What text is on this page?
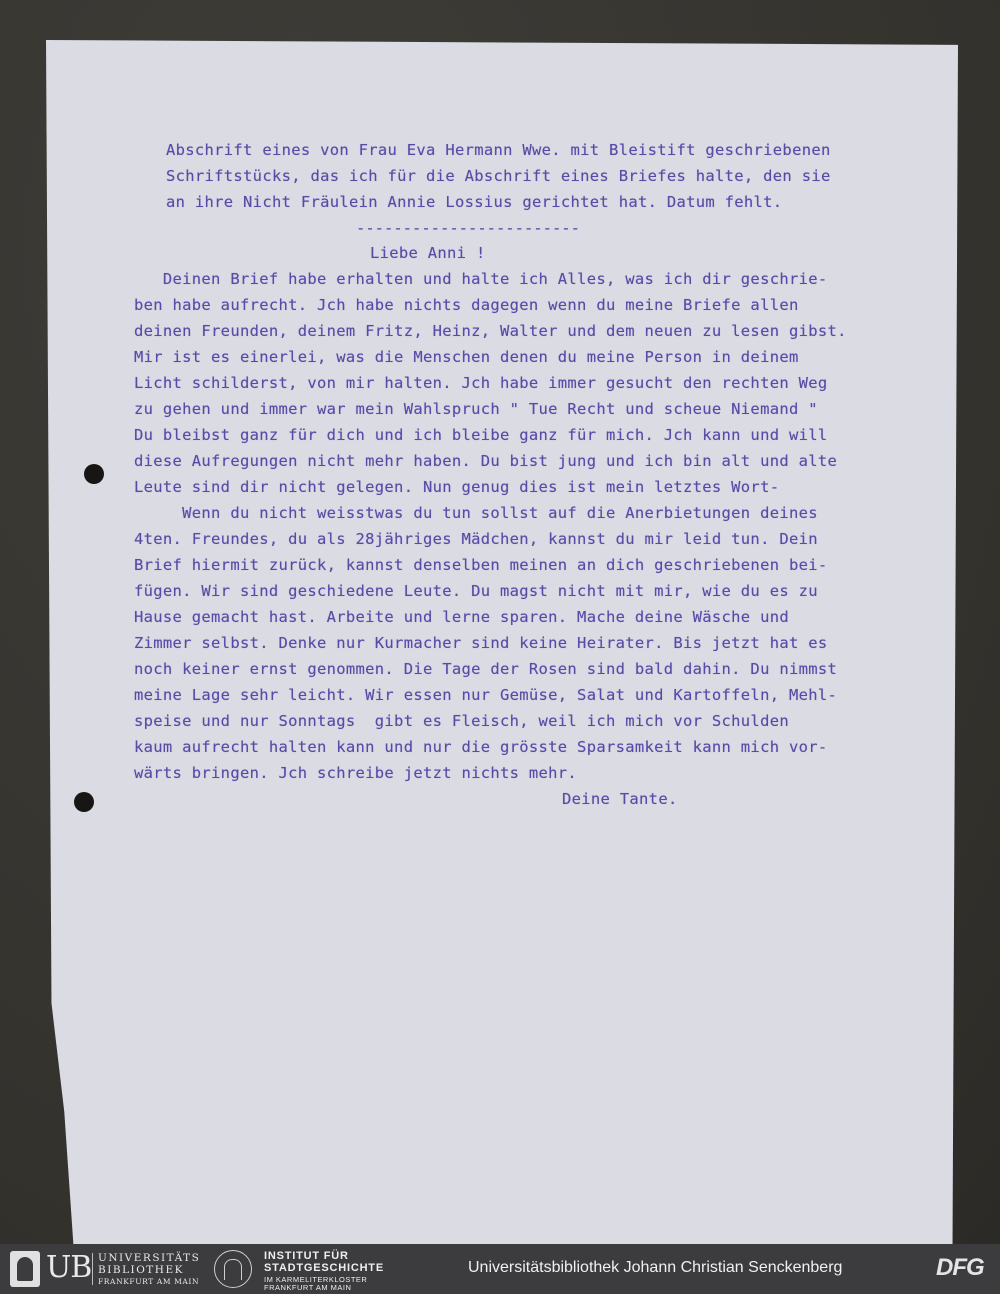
Abschrift eines von Frau Eva Hermann Wwe. mit Bleistift geschriebenen
Schriftstücks, das ich für die Abschrift eines Briefes halte, den sie
an ihre Nicht Fräulein Annie Lossius gerichtet hat. Datum fehlt.
------------------------
Liebe Anni !
Deinen Brief habe erhalten und halte ich Alles, was ich dir geschrie-
ben habe aufrecht. Jch habe nichts dagegen wenn du meine Briefe allen
deinen Freunden, deinem Fritz, Heinz, Walter und dem neuen zu lesen gibst.
Mir ist es einerlei, was die Menschen denen du meine Person in deinem
Licht schilderst, von mir halten. Jch habe immer gesucht den rechten Weg
zu gehen und immer war mein Wahlspruch " Tue Recht und scheue Niemand "
Du bleibst ganz für dich und ich bleibe ganz für mich. Jch kann und will
diese Aufregungen nicht mehr haben. Du bist jung und ich bin alt und alte
Leute sind dir nicht gelegen. Nun genug dies ist mein letztes Wort-
Wenn du nicht weisstwas du tun sollst auf die Anerbietungen deines
4ten. Freundes, du als 28jähriges Mädchen, kannst du mir leid tun. Dein
Brief hiermit zurück, kannst denselben meinen an dich geschriebenen bei-
fügen. Wir sind geschiedene Leute. Du magst nicht mit mir, wie du es zu
Hause gemacht hast. Arbeite und lerne sparen. Mache deine Wäsche und
Zimmer selbst. Denke nur Kurmacher sind keine Heirater. Bis jetzt hat es
noch keiner ernst genommen. Die Tage der Rosen sind bald dahin. Du nimmst
meine Lage sehr leicht. Wir essen nur Gemüse, Salat und Kartoffeln, Mehl-
speise und nur Sonntags  gibt es Fleisch, weil ich mich vor Schulden
kaum aufrecht halten kann und nur die grösste Sparsamkeit kann mich vor-
wärts bringen. Jch schreibe jetzt nichts mehr.
Deine Tante.
UB UNIVERSITÄTS
BIBLIOTHEK
FRANKFURT AM MAIN
INSTITUT FÜR
STADTGESCHICHTE
IM KARMELITERKLOSTER
FRANKFURT AM MAIN
Universitätsbibliothek Johann Christian Senckenberg	DFG
